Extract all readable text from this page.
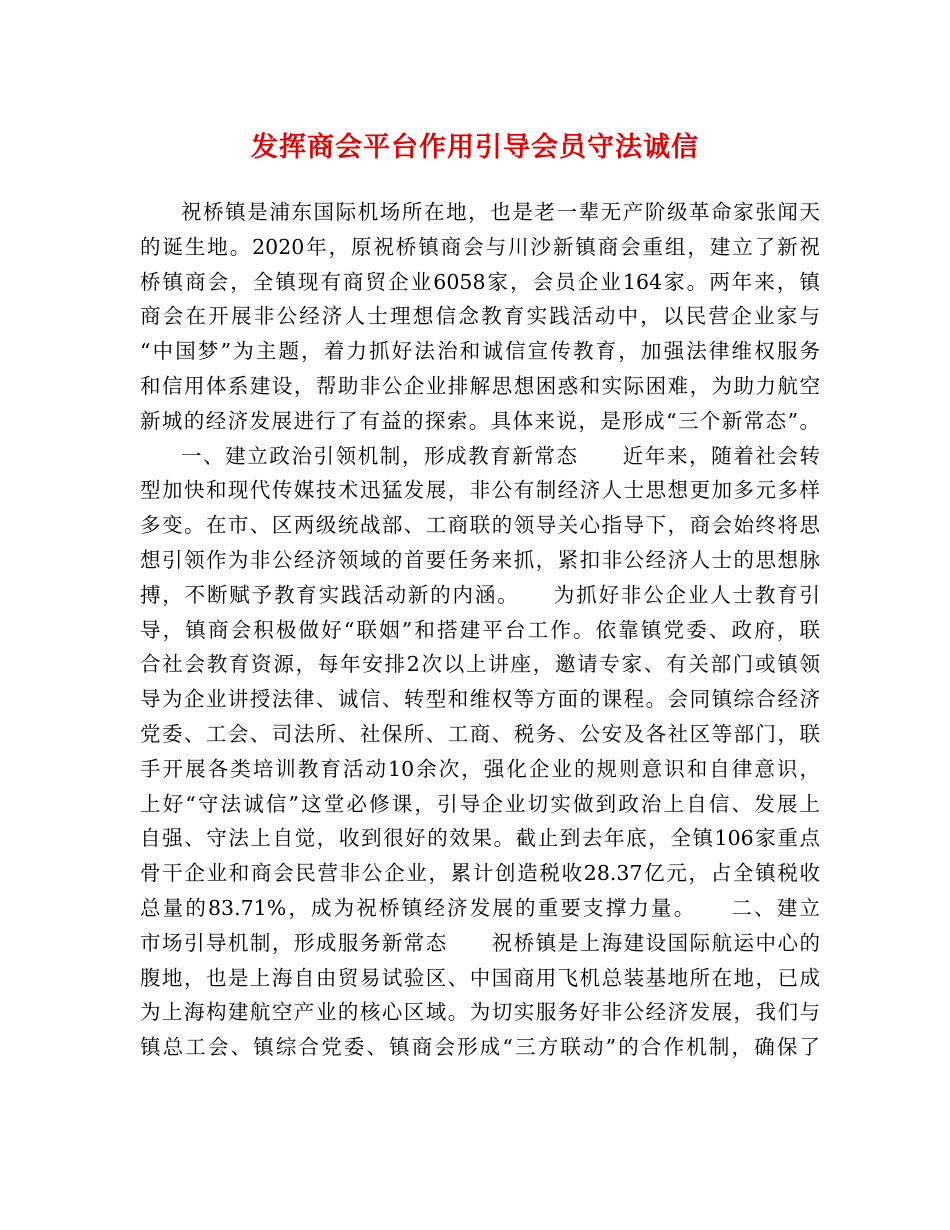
发挥商会平台作用引导会员守法诚信
祝桥镇是浦东国际机场所在地，也是老一辈无产阶级革命家张闻天
的诞生地。2020年，原祝桥镇商会与川沙新镇商会重组，建立了新祝
桥镇商会，全镇现有商贸企业6058家，会员企业164家。两年来，镇
商会在开展非公经济人士理想信念教育实践活动中，以民营企业家与
“中国梦”为主题，着力抓好法治和诚信宣传教育，加强法律维权服务
和信用体系建设，帮助非公企业排解思想困惑和实际困难，为助力航空
新城的经济发展进行了有益的探索。具体来说，是形成“三个新常态”。
一、建立政治引领机制，形成教育新常态　　近年来，随着社会转
型加快和现代传媒技术迅猛发展，非公有制经济人士思想更加多元多样
多变。在市、区两级统战部、工商联的领导关心指导下，商会始终将思
想引领作为非公经济领域的首要任务来抓，紧扣非公经济人士的思想脉
搏，不断赋予教育实践活动新的内涵。　　为抓好非公企业人士教育引
导，镇商会积极做好“联姻”和搭建平台工作。依靠镇党委、政府，联
合社会教育资源，每年安排2次以上讲座，邀请专家、有关部门或镇领
导为企业讲授法律、诚信、转型和维权等方面的课程。会同镇综合经济
党委、工会、司法所、社保所、工商、税务、公安及各社区等部门，联
手开展各类培训教育活动10余次，强化企业的规则意识和自律意识，
上好“守法诚信”这堂必修课，引导企业切实做到政治上自信、发展上
自强、守法上自觉，收到很好的效果。截止到去年底，全镇106家重点
骨干企业和商会民营非公企业，累计创造税收28.37亿元，占全镇税收
总量的83.71%，成为祝桥镇经济发展的重要支撑力量。　　二、建立
市场引导机制，形成服务新常态　　祝桥镇是上海建设国际航运中心的
腹地，也是上海自由贸易试验区、中国商用飞机总装基地所在地，已成
为上海构建航空产业的核心区域。为切实服务好非公经济发展，我们与
镇总工会、镇综合党委、镇商会形成“三方联动”的合作机制，确保了
